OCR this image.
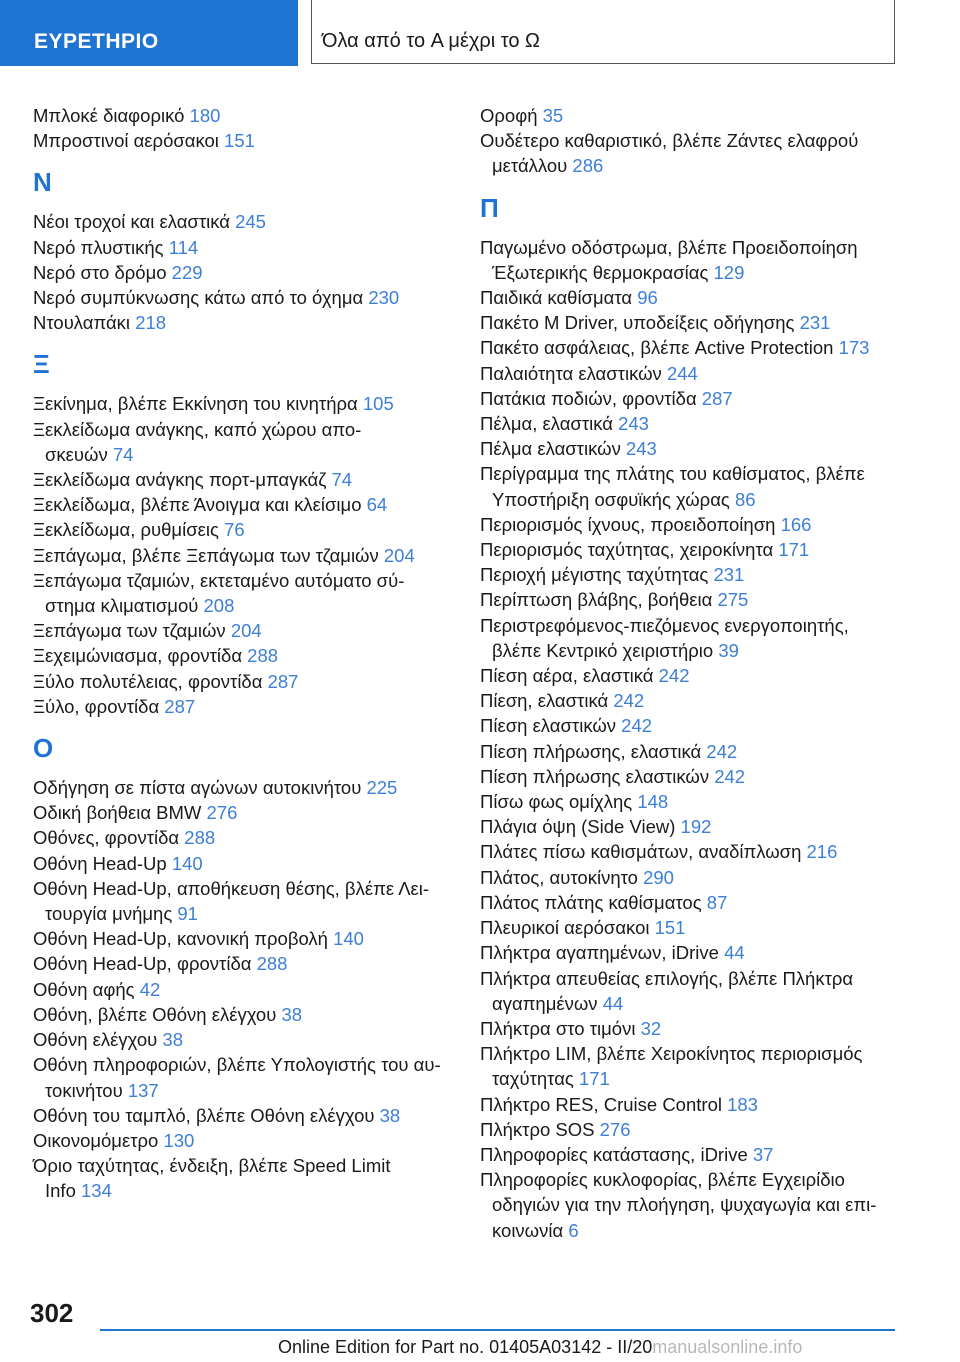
ΕΥΡΕΤΗΡΙΟ	Όλα από το A μέχρι το Ω
Μπλοκέ διαφορικό 180
Μπροστινοί αερόσακοι 151
Ν
Νέοι τροχοί και ελαστικά 245
Νερό πλυστικής 114
Νερό στο δρόμο 229
Νερό συμπύκνωσης κάτω από το όχημα 230
Ντουλαπάκι 218
Ξ
Ξεκίνημα, βλέπε Εκκίνηση του κινητήρα 105
Ξεκλείδωμα ανάγκης, καπό χώρου απο-
σκευών 74
Ξεκλείδωμα ανάγκης πορτ-μπαγκάζ 74
Ξεκλείδωμα, βλέπε Άνοιγμα και κλείσιμο 64
Ξεκλείδωμα, ρυθμίσεις 76
Ξεπάγωμα, βλέπε Ξεπάγωμα των τζαμιών 204
Ξεπάγωμα τζαμιών, εκτεταμένο αυτόματο σύ-
στημα κλιματισμού 208
Ξεπάγωμα των τζαμιών 204
Ξεχειμώνιασμα, φροντίδα 288
Ξύλο πολυτέλειας, φροντίδα 287
Ξύλο, φροντίδα 287
Ο
Οδήγηση σε πίστα αγώνων αυτοκινήτου 225
Οδική βοήθεια BMW 276
Οθόνες, φροντίδα 288
Οθόνη Head-Up 140
Οθόνη Head-Up, αποθήκευση θέσης, βλέπε Λει-
τουργία μνήμης 91
Οθόνη Head-Up, κανονική προβολή 140
Οθόνη Head-Up, φροντίδα 288
Οθόνη αφής 42
Οθόνη, βλέπε Οθόνη ελέγχου 38
Οθόνη ελέγχου 38
Οθόνη πληροφοριών, βλέπε Υπολογιστής του αυ-
τοκινήτου 137
Οθόνη του ταμπλό, βλέπε Οθόνη ελέγχου 38
Οικονομόμετρο 130
Όριο ταχύτητας, ένδειξη, βλέπε Speed Limit
Info 134
Οροφή 35
Ουδέτερο καθαριστικό, βλέπε Ζάντες ελαφρού
μετάλλου 286
Π
Παγωμένο οδόστρωμα, βλέπε Προειδοποίηση
Έξωτερικής θερμοκρασίας 129
Παιδικά καθίσματα 96
Πακέτο M Driver, υποδείξεις οδήγησης 231
Πακέτο ασφάλειας, βλέπε Active Protection 173
Παλαιότητα ελαστικών 244
Πατάκια ποδιών, φροντίδα 287
Πέλμα, ελαστικά 243
Πέλμα ελαστικών 243
Περίγραμμα της πλάτης του καθίσματος, βλέπε
Υποστήριξη οσφυϊκής χώρας 86
Περιορισμός ίχνους, προειδοποίηση 166
Περιορισμός ταχύτητας, χειροκίνητα 171
Περιοχή μέγιστης ταχύτητας 231
Περίπτωση βλάβης, βοήθεια 275
Περιστρεφόμενος-πιεζόμενος ενεργοποιητής,
βλέπε Κεντρικό χειριστήριο 39
Πίεση αέρα, ελαστικά 242
Πίεση, ελαστικά 242
Πίεση ελαστικών 242
Πίεση πλήρωσης, ελαστικά 242
Πίεση πλήρωσης ελαστικών 242
Πίσω φως ομίχλης 148
Πλάγια όψη (Side View) 192
Πλάτες πίσω καθισμάτων, αναδίπλωση 216
Πλάτος, αυτοκίνητο 290
Πλάτος πλάτης καθίσματος 87
Πλευρικοί αερόσακοι 151
Πλήκτρα αγαπημένων, iDrive 44
Πλήκτρα απευθείας επιλογής, βλέπε Πλήκτρα
αγαπημένων 44
Πλήκτρα στο τιμόνι 32
Πλήκτρο LIM, βλέπε Χειροκίνητος περιορισμός
ταχύτητας 171
Πλήκτρο RES, Cruise Control 183
Πλήκτρο SOS 276
Πληροφορίες κατάστασης, iDrive 37
Πληροφορίες κυκλοφορίας, βλέπε Εγχειρίδιο
οδηγιών για την πλοήγηση, ψυχαγωγία και επι-
κοινωνία 6
302
Online Edition for Part no. 01405A03142 - II/20manualsonline.info
